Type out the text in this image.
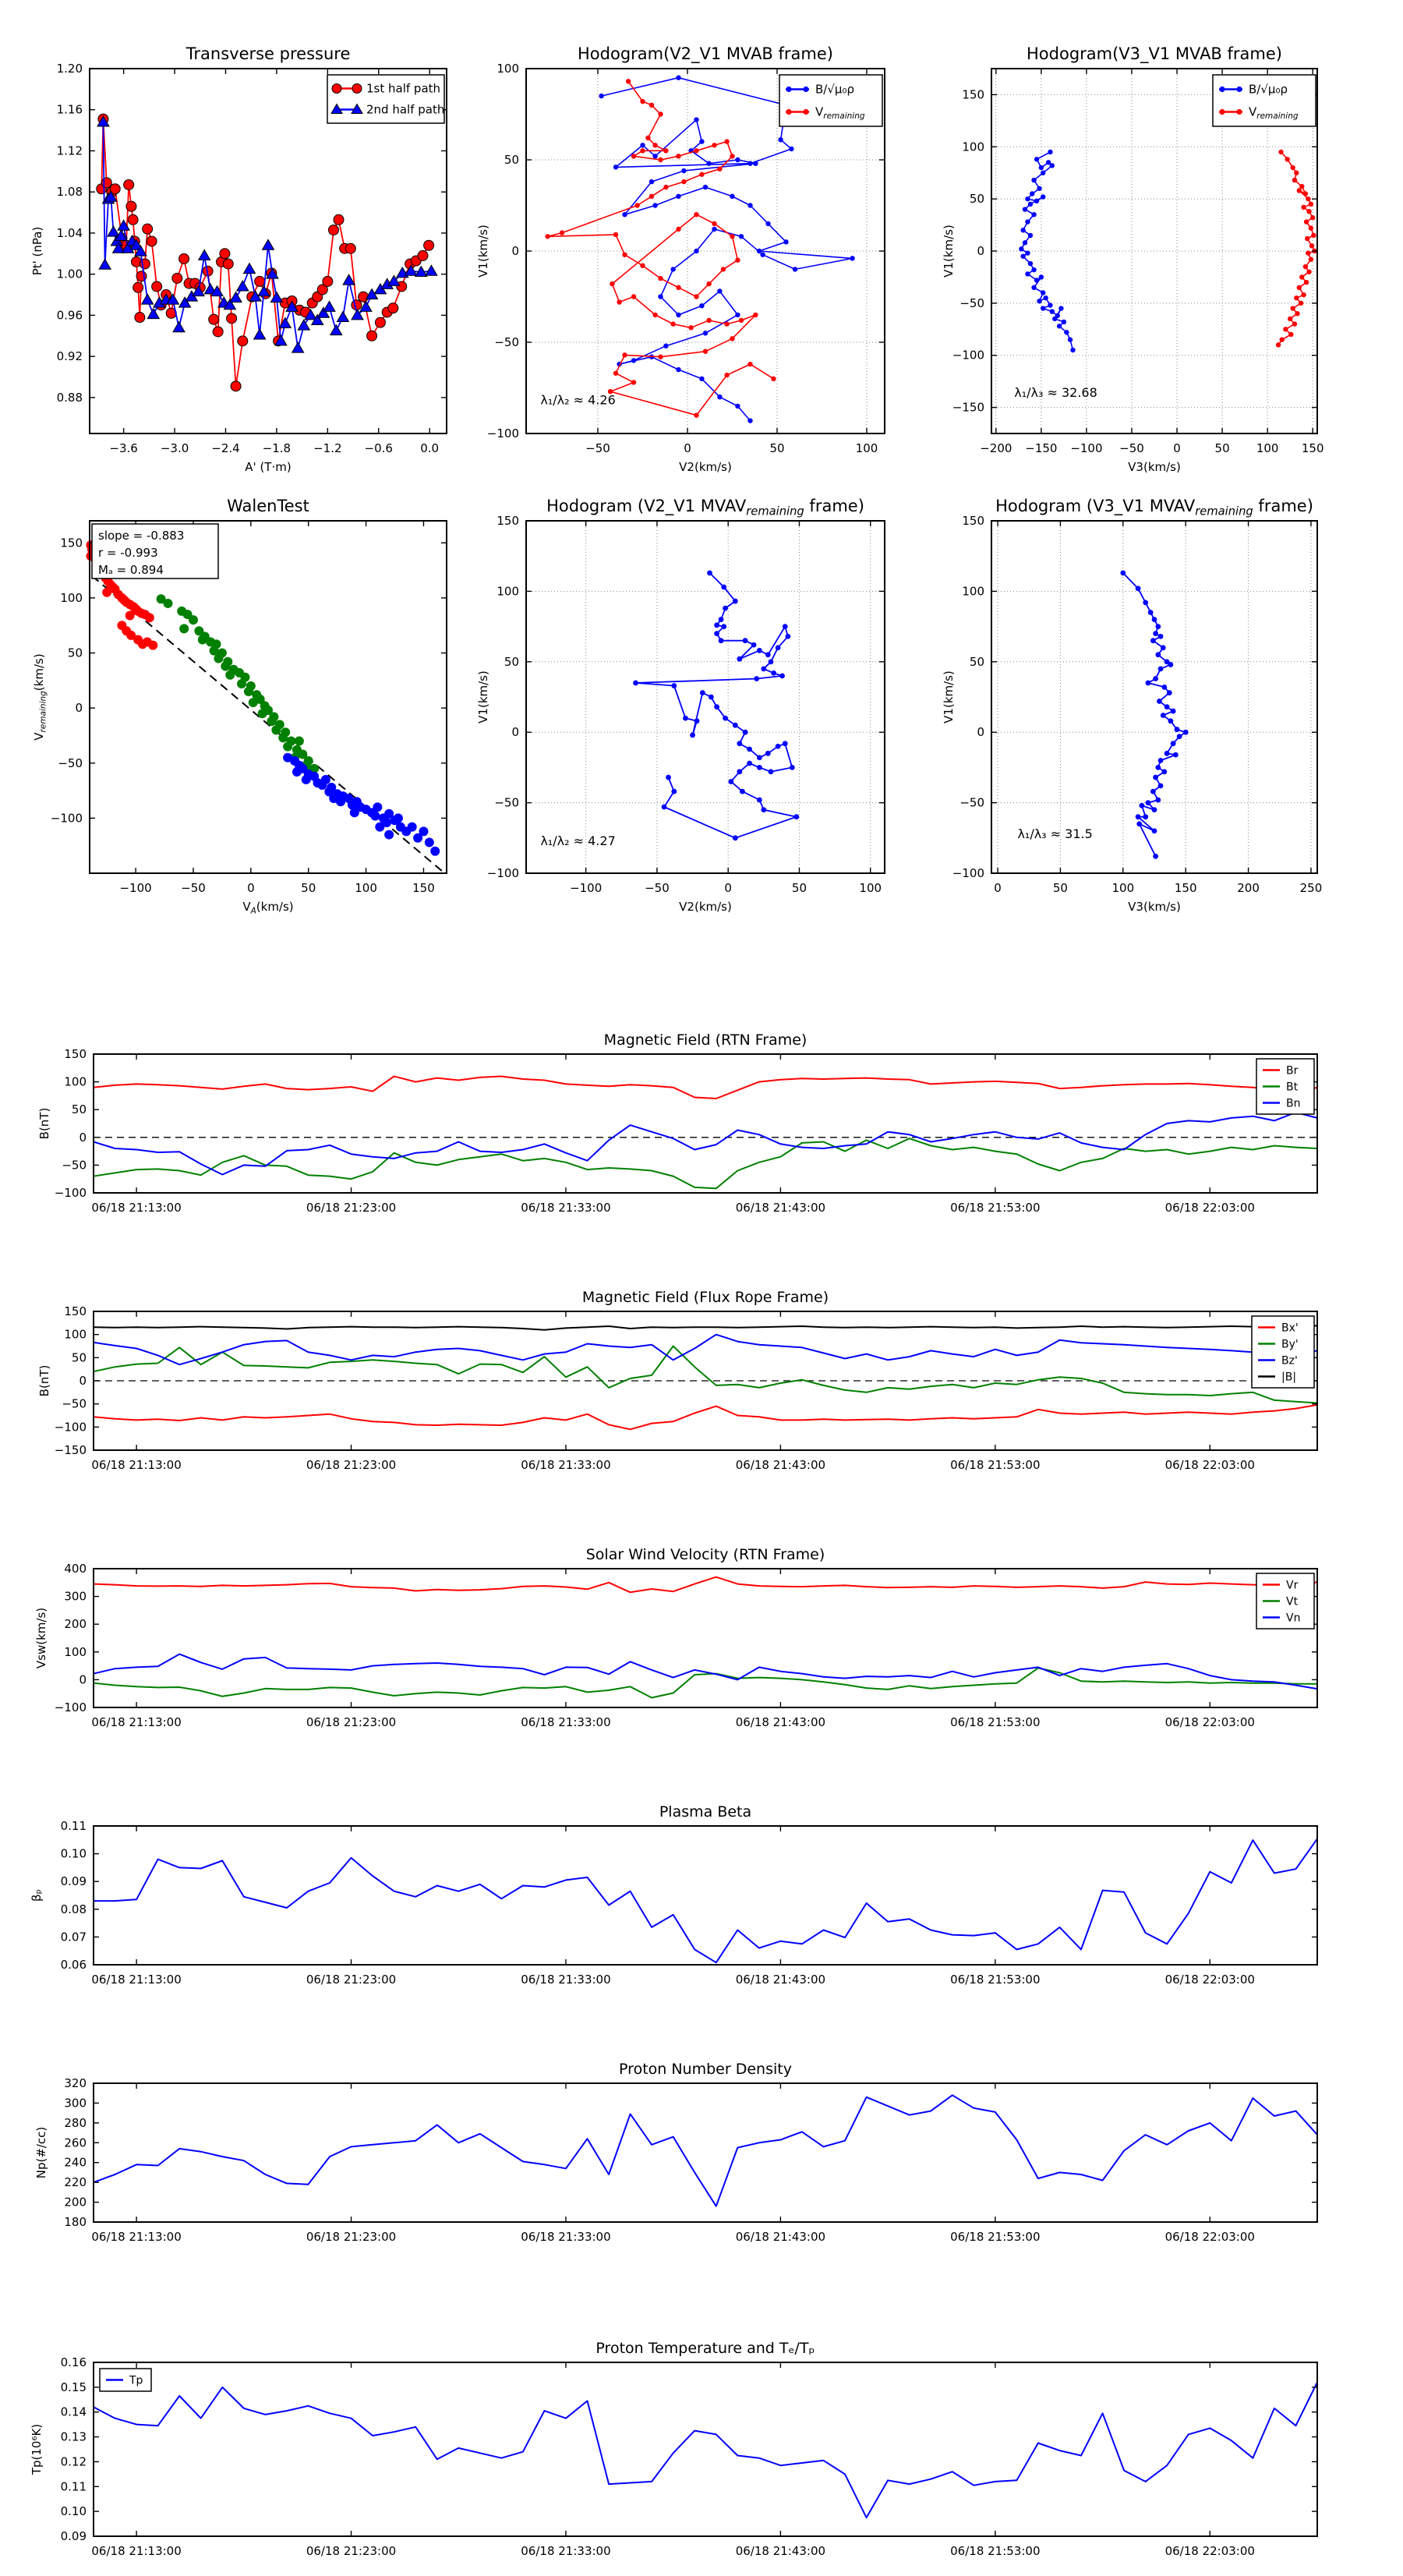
−3.6 −3.0 −2.4 −1.8 −1.2 −0.6 0.0
0.88
0.92
0.96
1.00
1.04
1.08
1.12
1.16
1.20
Transverse pressure
A' (T·m)
Pt' (nPa)
1st half path
2nd half path
−50	0	50	100
−100
−50
0
50
100
Hodogram(V2_V1 MVAB frame)
V2(km/s)
V1(km/s)
λ₁/λ₂ ≈ 4.26
B/√μ₀ρ
$V_{remaining}$
−200 −150 −100 −50 0	50 100 150
−150
−100
−50
0
50
100
150
Hodogram(V3_V1 MVAB frame)
V3(km/s)
V1(km/s)
λ₁/λ₃ ≈ 32.68
B/√μ₀ρ
$V_{remaining}$
−100 −50	0	50	100	150
−100
−50
0
50
100
150
WalenTest
$V_A(km/s)$
$V_{remaining}(km/s)$
slope = -0.883
r = -0.993
Mₐ = 0.894
−100	−50	0	50	100
−100
−50
0
50
100
150
Hodogram (V2_V1 $MVAV_{remaining}$ frame)
V2(km/s)
V1(km/s)
λ₁/λ₂ ≈ 4.27
0	50	100	150	200	250
−100
−50
0
50
100
150
Hodogram (V3_V1 $MVAV_{remaining}$ frame)
V3(km/s)
V1(km/s)
λ₁/λ₃ ≈ 31.5
06/18 21:13:00	06/18 21:23:00	06/18 21:33:00	06/18 21:43:00	06/18 21:53:00	06/18 22:03:00
−100
−50
0
50
100
150
Magnetic Field (RTN Frame)
B(nT)
Br
Bt
Bn
06/18 21:13:00	06/18 21:23:00	06/18 21:33:00	06/18 21:43:00	06/18 21:53:00	06/18 22:03:00
−150
−100
−50
0
50
100
150
Magnetic Field (Flux Rope Frame)
B(nT)
Bx'
By'
Bz'
|B|
06/18 21:13:00	06/18 21:23:00	06/18 21:33:00	06/18 21:43:00	06/18 21:53:00	06/18 22:03:00
−100
0
100
200
300
400
Solar Wind Velocity (RTN Frame)
Vsw(km/s)
Vr
Vt
Vn
06/18 21:13:00	06/18 21:23:00	06/18 21:33:00	06/18 21:43:00	06/18 21:53:00	06/18 22:03:00
0.06
0.07
0.08
0.09
0.10
0.11
Plasma Beta
βₚ
06/18 21:13:00	06/18 21:23:00	06/18 21:33:00	06/18 21:43:00	06/18 21:53:00	06/18 22:03:00
180
200
220
240
260
280
300
320
Proton Number Density
Np(#/cc)
06/18 21:13:00	06/18 21:23:00	06/18 21:33:00	06/18 21:43:00	06/18 21:53:00	06/18 22:03:00
0.09
0.10
0.11
0.12
0.13
0.14
0.15
0.16
Proton Temperature and Tₑ/Tₚ
Tp(10⁶K)
Tp
